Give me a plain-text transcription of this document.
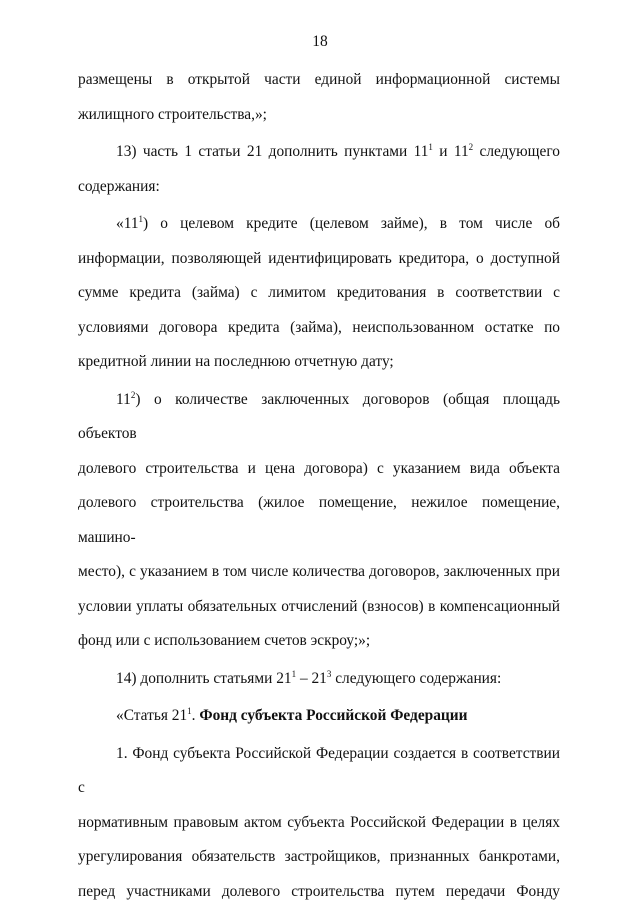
18

размещены в открытой части единой информационной системы

жилищного строительства,»;

13) часть 1 статьи 21 дополнить пунктами $11^1$ и $11^2$ следующего

содержания:

«$11^1$) о целевом кредите (целевом займе), в том числе об

информации, позволяющей идентифицировать кредитора, о доступной

сумме кредита (займа) с лимитом кредитования в соответствии с

условиями договора кредита (займа), неиспользованном остатке по

кредитной линии на последнюю отчетную дату;

$11^2$) о количестве заключенных договоров (общая площадь объектов

долевого строительства и цена договора) с указанием вида объекта

долевого строительства (жилое помещение, нежилое помещение, машино-

место), с указанием в том числе количества договоров, заключенных при

условии уплаты обязательных отчислений (взносов) в компенсационный

фонд или с использованием счетов эскроу;»;

14) дополнить статьями $21^1 - 21^3$ следующего содержания:

«Статья $21^1$. Фонд субъекта Российской Федерации

1. Фонд субъекта Российской Федерации создается в соответствии с

нормативным правовым актом субъекта Российской Федерации в целях

урегулирования обязательств застройщиков, признанных банкротами,

перед участниками долевого строительства путем передачи Фонду
